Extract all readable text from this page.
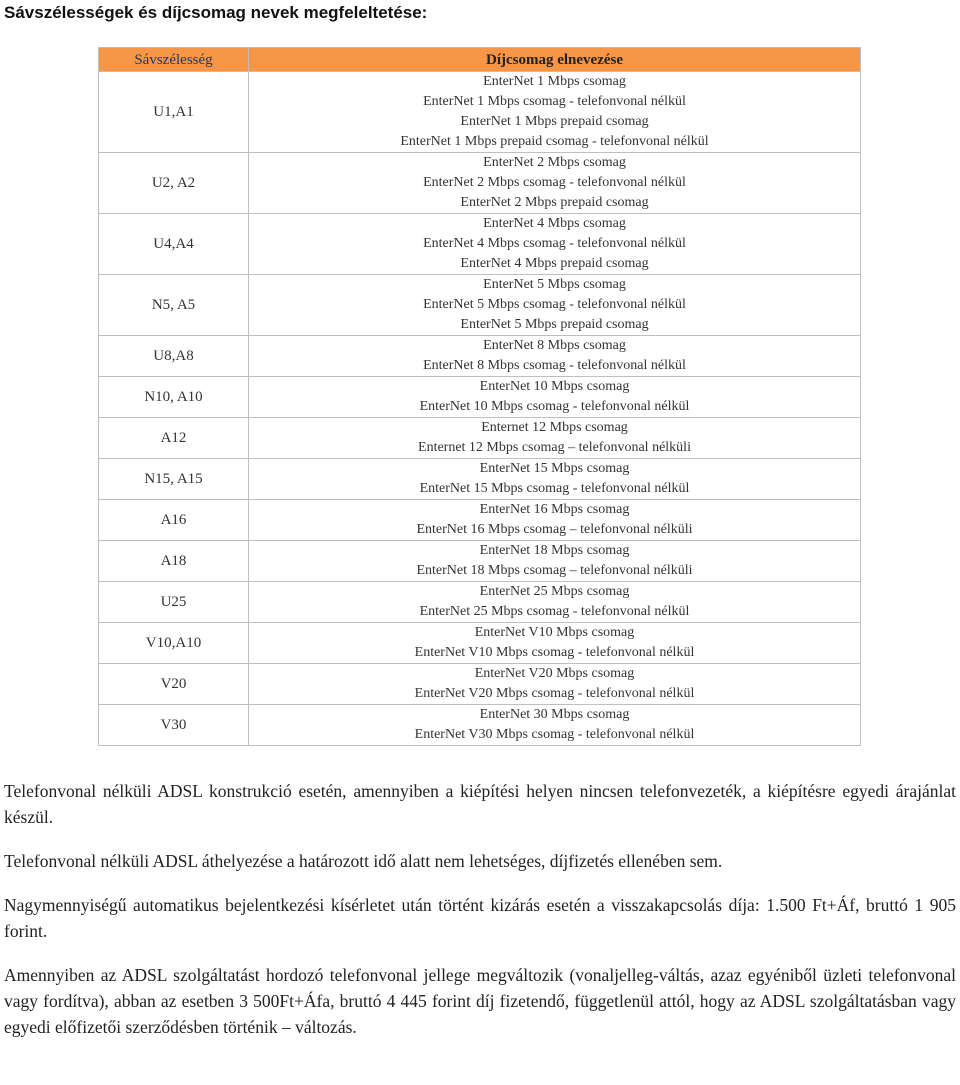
Sávszélességek és díjcsomag nevek megfeleltetése:
Sávszélesség	Díjcsomag elnevezése
U1,A1	EnterNet 1 Mbps csomag
EnterNet 1 Mbps csomag - telefonvonal nélkül
EnterNet 1 Mbps prepaid csomag
EnterNet 1 Mbps prepaid csomag - telefonvonal nélkül

U2, A2	EnterNet 2 Mbps csomag
EnterNet 2 Mbps csomag - telefonvonal nélkül
EnterNet 2 Mbps prepaid csomag

U4,A4	EnterNet 4 Mbps csomag
EnterNet 4 Mbps csomag - telefonvonal nélkül
EnterNet 4 Mbps prepaid csomag

N5, A5	EnterNet 5 Mbps csomag
EnterNet 5 Mbps csomag - telefonvonal nélkül
EnterNet 5 Mbps prepaid csomag

U8,A8	EnterNet 8 Mbps csomag
EnterNet 8 Mbps csomag - telefonvonal nélkül

N10, A10	EnterNet 10 Mbps csomag
EnterNet 10 Mbps csomag - telefonvonal nélkül

A12	Enternet 12 Mbps csomag
Enternet 12 Mbps csomag – telefonvonal nélküli

N15, A15	EnterNet 15 Mbps csomag
EnterNet 15 Mbps csomag - telefonvonal nélkül

A16	EnterNet 16 Mbps csomag
EnterNet 16 Mbps csomag – telefonvonal nélküli

A18	EnterNet 18 Mbps csomag
EnterNet 18 Mbps csomag – telefonvonal nélküli

U25	EnterNet 25 Mbps csomag
EnterNet 25 Mbps csomag - telefonvonal nélkül

V10,A10	EnterNet V10 Mbps csomag
EnterNet V10 Mbps csomag - telefonvonal nélkül

V20	EnterNet V20 Mbps csomag
EnterNet V20 Mbps csomag - telefonvonal nélkül

V30	EnterNet 30 Mbps csomag
EnterNet V30 Mbps csomag - telefonvonal nélkül

Telefonvonal nélküli ADSL konstrukció esetén, amennyiben a kiépítési helyen nincsen telefonvezeték, a kiépítésre egyedi árajánlat készül.

Telefonvonal nélküli ADSL áthelyezése a határozott idő alatt nem lehetséges, díjfizetés ellenében sem.

Nagymennyiségű automatikus bejelentkezési kísérletet után történt kizárás esetén a visszakapcsolás díja: 1.500 Ft+Áf, bruttó 1 905 forint.

Amennyiben az ADSL szolgáltatást hordozó telefonvonal jellege megváltozik (vonaljelleg-váltás, azaz egyéniből üzleti telefonvonal vagy fordítva), abban az esetben 3 500Ft+Áfa, bruttó 4 445 forint díj fizetendő, függetlenül attól, hogy az ADSL szolgáltatásban vagy egyedi előfizetői szerződésben történik – változás.
